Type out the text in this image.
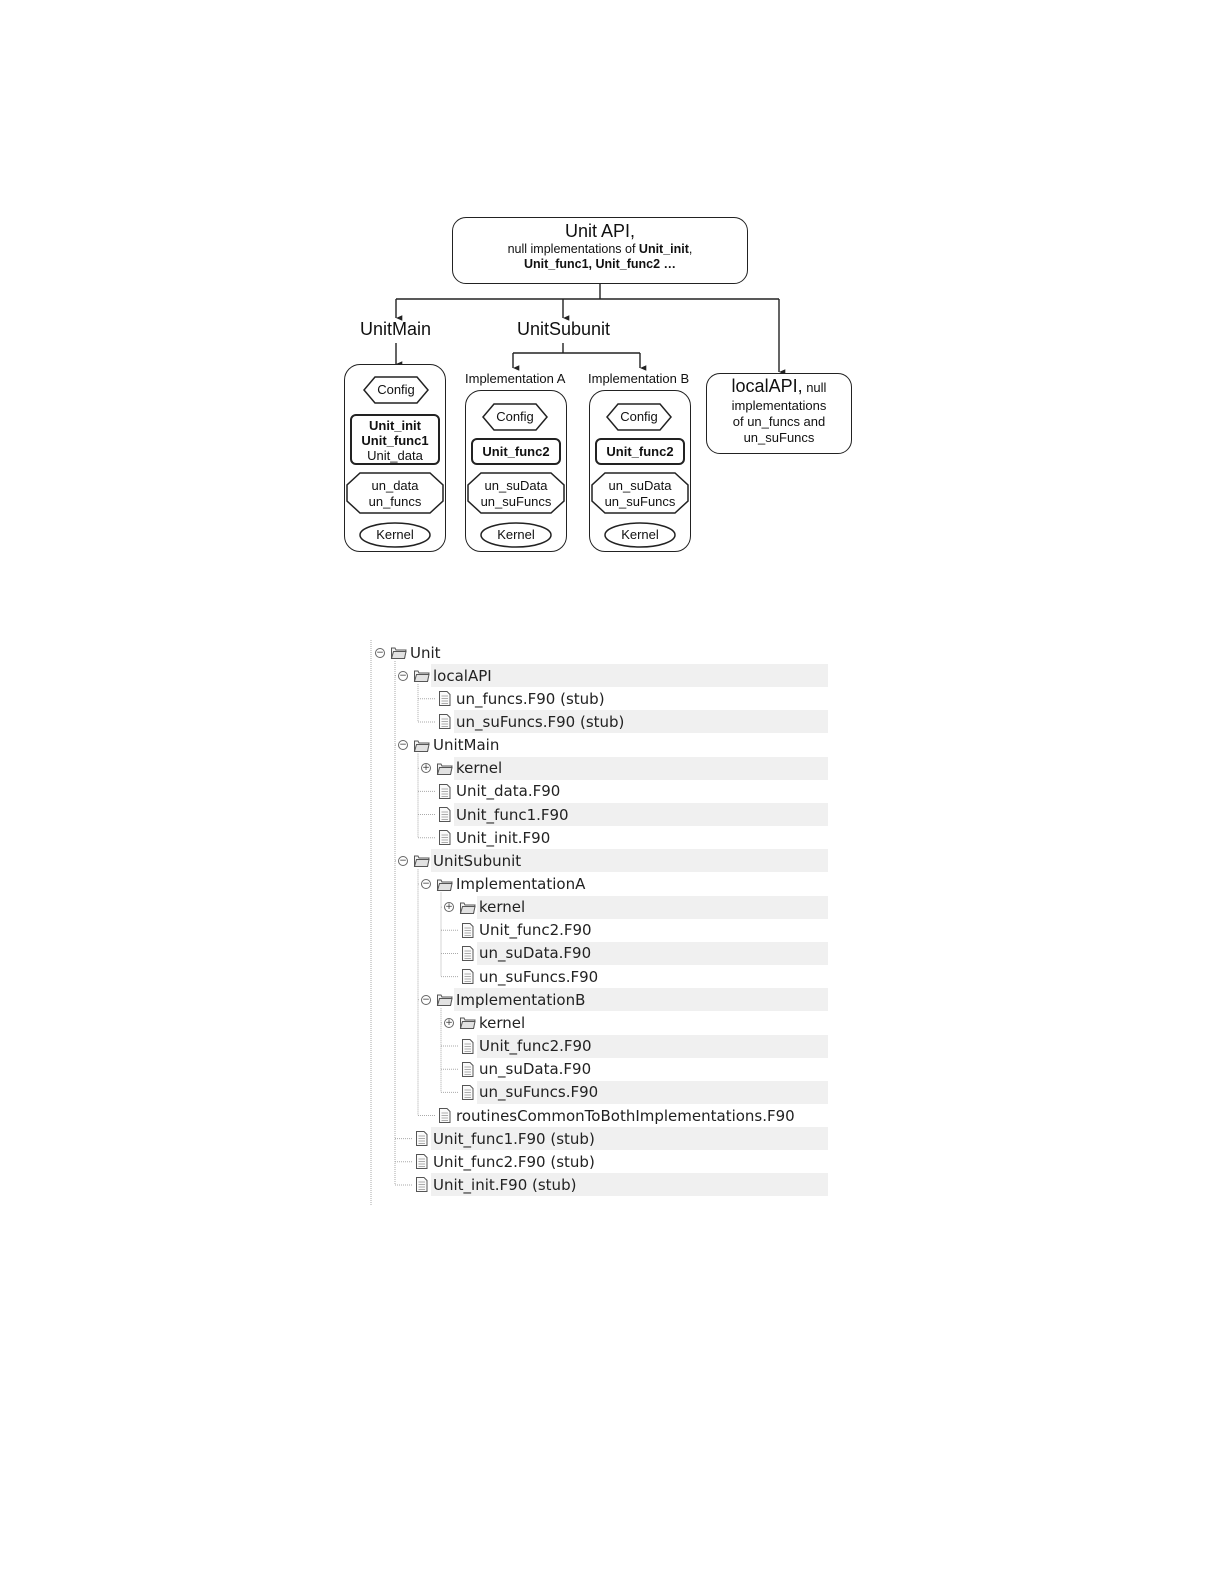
Unit API,
null implementations of Unit_init,
Unit_func1, Unit_func2 …
UnitMain	UnitSubunit
Implementation A Implementation B
Config
Unit_init
Unit_func1
Unit_data
un_data
un_funcs
Kernel
Config
Unit_func2
un_suData
un_suFuncs
Kernel
Config
Unit_func2
un_suData
un_suFuncs
Kernel
localAPI, null
implementations
of un_funcs and
un_suFuncs
− Unit
− localAPI
un_funcs.F90 (stub)
un_suFuncs.F90 (stub)
− UnitMain
+ kernel
Unit_data.F90
Unit_func1.F90
Unit_init.F90
− UnitSubunit
− ImplementationA
+ kernel
Unit_func2.F90
un_suData.F90
un_suFuncs.F90
− ImplementationB
+ kernel
Unit_func2.F90
un_suData.F90
un_suFuncs.F90
routinesCommonToBothImplementations.F90
Unit_func1.F90 (stub)
Unit_func2.F90 (stub)
Unit_init.F90 (stub)
